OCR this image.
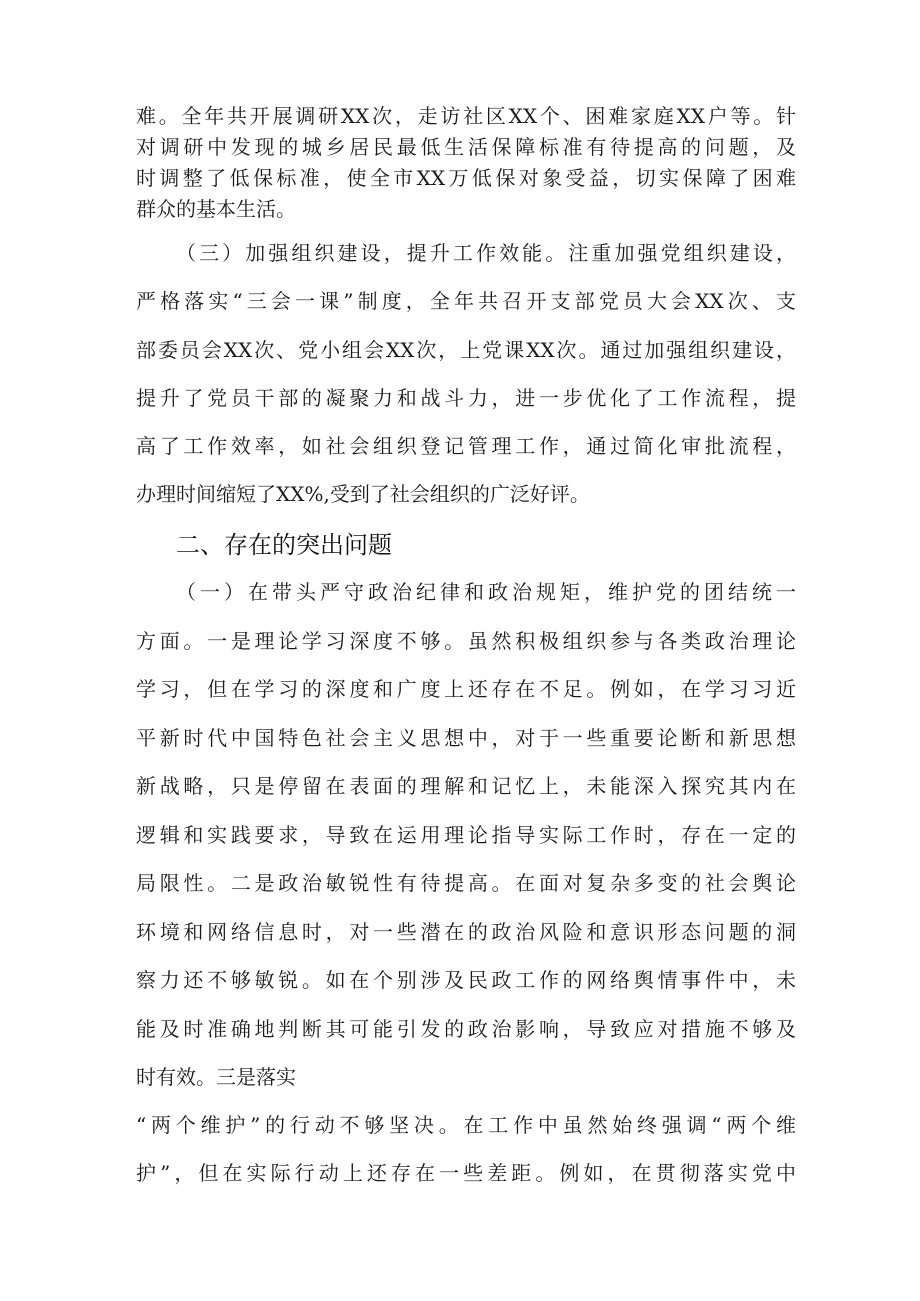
难。全年共开展调研XX次，走访社区XX个、困难家庭XX户等。针

对调研中发现的城乡居民最低生活保障标准有待提高的问题，及

时调整了低保标准，使全市XX万低保对象受益，切实保障了困难

群众的基本生活。

（三）加强组织建设，提升工作效能。注重加强党组织建设，

严格落实“三会一课”制度，全年共召开支部党员大会XX次、支

部委员会XX次、党小组会XX次，上党课XX次。通过加强组织建设，

提升了党员干部的凝聚力和战斗力，进一步优化了工作流程，提

高了工作效率，如社会组织登记管理工作，通过简化审批流程，

办理时间缩短了XX%,受到了社会组织的广泛好评。

二、存在的突出问题

（一）在带头严守政治纪律和政治规矩，维护党的团结统一

方面。一是理论学习深度不够。虽然积极组织参与各类政治理论

学习，但在学习的深度和广度上还存在不足。例如，在学习习近

平新时代中国特色社会主义思想中，对于一些重要论断和新思想

新战略，只是停留在表面的理解和记忆上，未能深入探究其内在

逻辑和实践要求，导致在运用理论指导实际工作时，存在一定的

局限性。二是政治敏锐性有待提高。在面对复杂多变的社会舆论

环境和网络信息时，对一些潜在的政治风险和意识形态问题的洞

察力还不够敏锐。如在个别涉及民政工作的网络舆情事件中，未

能及时准确地判断其可能引发的政治影响，导致应对措施不够及

时有效。三是落实

“两个维护”的行动不够坚决。在工作中虽然始终强调“两个维

护”，但在实际行动上还存在一些差距。例如，在贯彻落实党中
